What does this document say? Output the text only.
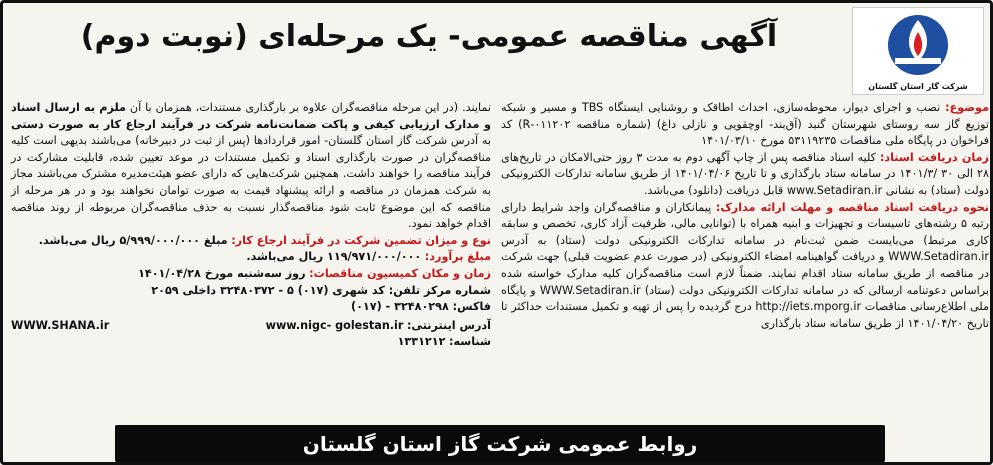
شرکت گاز استان گلستان
آگهی مناقصه عمومی- یک مرحله‌ای (نوبت دوم)

موضوع: نصب و اجرای دیوار، محوطه‌سازی، احداث اطاقک و روشنایی ایستگاه TBS و مسیر و شبکه توزیع گاز سه روستای شهرستان گنبد (آق‌بند- اوچقویی و نازلی داغ) (شماره مناقصه ۰۱۱۲۰۲-R) کد فراخوان در پایگاه ملی مناقصات ۵۳۱۱۹۲۳۵ مورخ ۱۴۰۱/۰۳/۱۰

زمان دریافت اسناد: کلیه اسناد مناقصه پس از چاپ آگهی دوم به مدت ۳ روز حتی‌الامکان در تاریخ‌های ۲۸ الی ۳۰ /۱۴۰۱/۳ در سامانه ستاد بارگذاری و تا تاریخ ۱۴۰۱/۰۴/۰۶ از طریق سامانه تدارکات الکترونیکی دولت (ستاد) به نشانی www.Setadiran.ir قابل دریافت (دانلود) می‌باشد.

نحوه دریافت اسناد مناقصه و مهلت ارائه مدارک: پیمانکاران و مناقصه‌گران واجد شرایط دارای رتبه ۵ رشته‌های تاسیسات و تجهیزات و ابنیه همراه با (توانایی مالی، ظرفیت آزاد کاری، تخصص و سابقه کاری مرتبط) می‌بایست ضمن ثبت‌نام در سامانه تدارکات الکترونیکی دولت (ستاد) به آدرس WWW.Setadiran.ir و دریافت گواهینامه امضاء الکترونیکی (در صورت عدم عضویت قبلی) جهت شرکت در مناقصه از طریق سامانه ستاد اقدام نمایند. ضمناً لازم است مناقصه‌گران کلیه مدارک خواسته شده براساس دعوتنامه ارسالی که در سامانه تدارکات الکترونیکی دولت (ستاد) WWW.Setadiran.ir و پایگاه ملی اطلاع‌رسانی مناقصات http://iets.mporg.ir درج گردیده را پس از تهیه و تکمیل مستندات حداکثر تا تاریخ ۱۴۰۱/۰۴/۲۰ از طریق سامانه ستاد بارگذاری

نمایند. (در این مرحله مناقصه‌گران علاوه بر بارگذاری مستندات، همزمان با آن ملزم به ارسال اسناد و مدارک ارزیابی کیفی و پاکت ضمانت‌نامه شرکت در فرآیند ارجاع کار به صورت دستی به آدرس شرکت گاز استان گلستان- امور قراردادها (پس از ثبت در دبیرخانه) می‌باشند بدیهی است کلیه مناقصه‌گران در صورت بارگذاری اسناد و تکمیل مستندات در موعد تعیین شده، قابلیت مشارکت در فرآیند مناقصه را خواهند داشت. همچنین شرکت‌هایی که دارای عضو هیئت‌مدیره مشترک می‌باشند مجاز به شرکت همزمان در مناقصه و ارائه پیشنهاد قیمت به صورت توامان نخواهند بود و در هر مرحله از مناقصه که این موضوع ثابت شود مناقصه‌گذار نسبت به حذف مناقصه‌گران مربوطه از روند مناقصه اقدام خواهد نمود.

نوع و میزان تضمین شرکت در فرآیند ارجاع کار: مبلغ ۵/۹۹۹/۰۰۰/۰۰۰ ریال می‌باشد.

مبلغ برآورد: ۱۱۹/۹۷۱/۰۰۰/۰۰۰ ریال می‌باشد.

زمان و مکان کمیسیون مناقصات: روز سه‌شنبه مورخ ۱۴۰۱/۰۴/۲۸

شماره مرکز تلفن: کد شهری (۰۱۷) ۵ - ۳۲۴۸۰۳۷۲ داخلی ۲۰۵۹

فاکس: ۳۲۴۸۰۲۹۸ - (۰۱۷)

آدرس اینترنتی: www.nigc- golestan.ir
WWW.SHANA.ir

شناسه: ۱۳۳۱۲۱۲

روابط عمومی شرکت گاز استان گلستان
